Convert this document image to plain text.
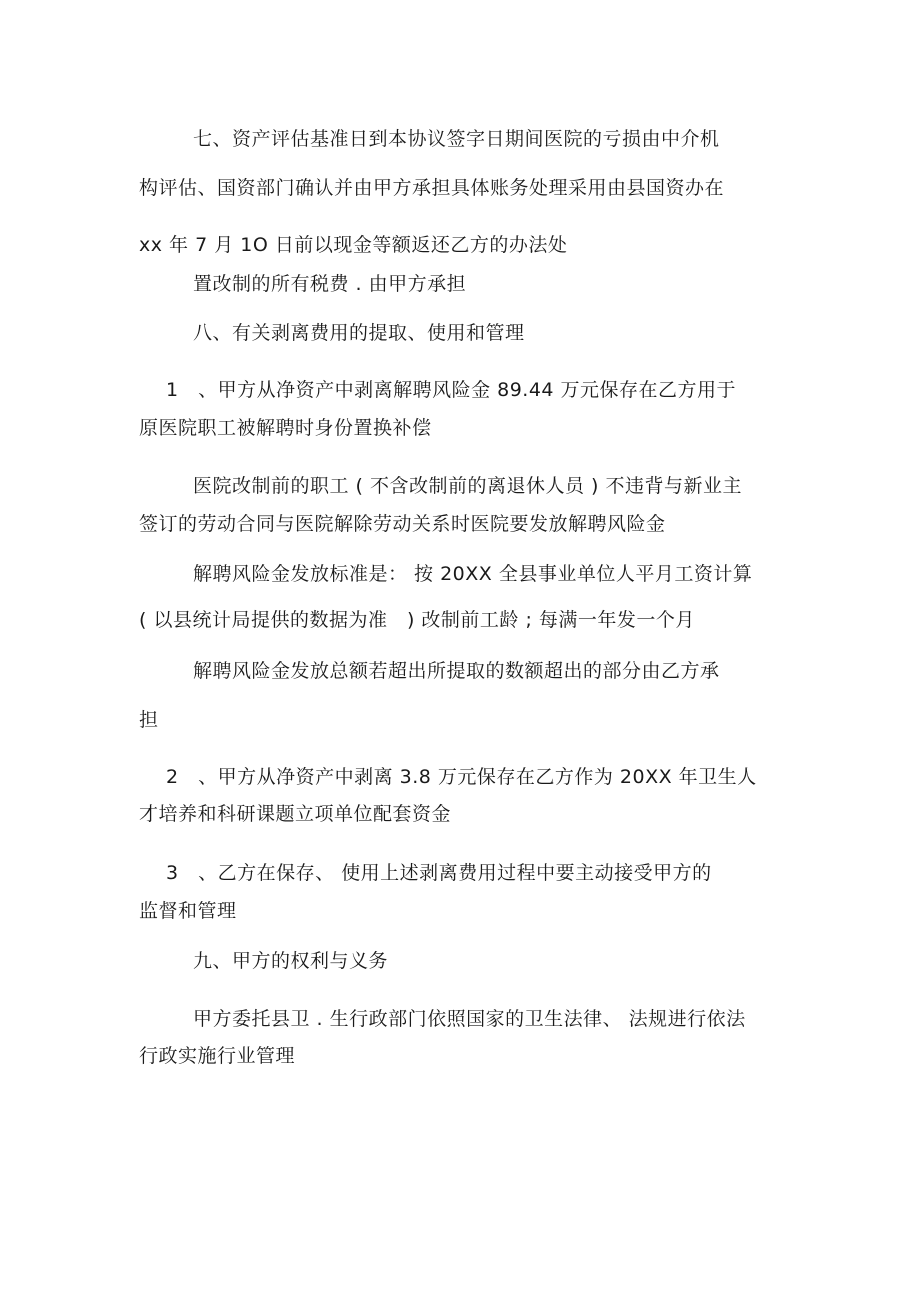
七、资产评估基准日到本协议签字日期间医院的亏损由中介机
构评估、国资部门确认并由甲方承担具体账务处理采用由县国资办在
xx 年 7 月 1O 日前以现金等额返还乙方的办法处
置改制的所有税费 . 由甲方承担
八、有关剥离费用的提取、使用和管理
1　、甲方从净资产中剥离解聘风险金 89.44 万元保存在乙方用于
原医院职工被解聘时身份置换补偿
医院改制前的职工 ( 不含改制前的离退休人员 ) 不违背与新业主
签订的劳动合同与医院解除劳动关系时医院要发放解聘风险金
解聘风险金发放标准是： 按 20XX 全县事业单位人平月工资计算
( 以县统计局提供的数据为准　) 改制前工龄 ; 每满一年发一个月
解聘风险金发放总额若超出所提取的数额超出的部分由乙方承
担
2　、甲方从净资产中剥离 3.8 万元保存在乙方作为 20XX 年卫生人
才培养和科研课题立项单位配套资金
3　、乙方在保存、 使用上述剥离费用过程中要主动接受甲方的
监督和管理
九、甲方的权利与义务
甲方委托县卫 . 生行政部门依照国家的卫生法律、 法规进行依法
行政实施行业管理
